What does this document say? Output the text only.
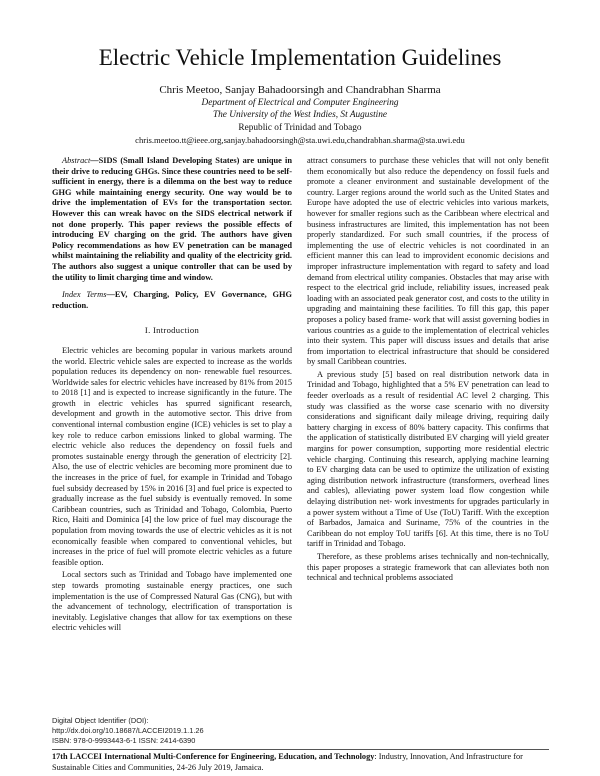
Electric Vehicle Implementation Guidelines
Chris Meetoo, Sanjay Bahadoorsingh and Chandrabhan Sharma
Department of Electrical and Computer Engineering
The University of the West Indies, St Augustine
Republic of Trinidad and Tobago
chris.meetoo.tt@ieee.org,sanjay.bahadoorsingh@sta.uwi.edu,chandrabhan.sharma@sta.uwi.edu

Abstract—SIDS (Small Island Developing States) are unique in their drive to reducing GHGs. Since these countries need to be self-sufficient in energy, there is a dilemma on the best way to reduce GHG while maintaining energy security. One way would be to drive the implementation of EVs for the transportation sector. However this can wreak havoc on the SIDS electrical network if not done properly. This paper reviews the possible effects of introducing EV charging on the grid. The authors have given Policy recommendations as how EV penetration can be managed whilst maintaining the reliability and quality of the electricity grid. The authors also suggest a unique controller that can be used by the utility to limit charging time and window.

Index Terms—EV, Charging, Policy, EV Governance, GHG reduction.

I. Introduction

Electric vehicles are becoming popular in various markets around the world. Electric vehicle sales are expected to increase as the worlds population reduces its dependency on non- renewable fuel resources. Worldwide sales for electric vehicles have increased by 81% from 2015 to 2018 [1] and is expected to increase significantly in the future. The growth in electric vehicles has spurred significant research, development and growth in the automotive sector. This drive from conventional internal combustion engine (ICE) vehicles is set to play a key role to reduce carbon emissions linked to global warming. The electric vehicle also reduces the dependency on fossil fuels and promotes sustainable energy through the generation of electricity [2]. Also, the use of electric vehicles are becoming more prominent due to the increases in the price of fuel, for example in Trinidad and Tobago fuel subsidy decreased by 15% in 2016 [3] and fuel price is expected to gradually increase as the fuel subsidy is eventually removed. In some Caribbean countries, such as Trinidad and Tobago, Colombia, Puerto Rico, Haiti and Dominica [4] the low price of fuel may discourage the population from moving towards the use of electric vehicles as it is not economically feasible when compared to conventional vehicles, but increases in the price of fuel will promote electric vehicles as a future feasible option.

Local sectors such as Trinidad and Tobago have implemented one step towards promoting sustainable energy practices, one such implementation is the use of Compressed Natural Gas (CNG), but with the advancement of technology, electrification of transportation is inevitably. Legislative changes that allow for tax exemptions on these electric vehicles will

attract consumers to purchase these vehicles that will not only benefit them economically but also reduce the dependency on fossil fuels and promote a cleaner environment and sustainable development of the country. Larger regions around the world such as the United States and Europe have adopted the use of electric vehicles into various markets, however for smaller regions such as the Caribbean where electrical and business infrastructures are limited, this implementation has not been properly standardized. For such small countries, if the process of implementing the use of electric vehicles is not coordinated in an efficient manner this can lead to improvident economic decisions and improper infrastructure implementation with regard to safety and load demand from electrical utility companies. Obstacles that may arise with respect to the electrical grid include, reliability issues, increased peak loading with an associated peak generator cost, and costs to the utility in upgrading and maintaining these facilities. To fill this gap, this paper proposes a policy based frame- work that will assist governing bodies in various countries as a guide to the implementation of electrical vehicles into their system. This paper will discuss issues and details that arise from importation to electrical infrastructure that should be considered by small Caribbean countries.

A previous study [5] based on real distribution network data in Trinidad and Tobago, highlighted that a 5% EV penetration can lead to feeder overloads as a result of residential AC level 2 charging. This study was classified as the worse case scenario with no diversity considerations and significant daily mileage driving, requiring daily battery charging in excess of 80% battery capacity. This confirms that the application of statistically distributed EV charging will yield greater margins for power consumption, supporting more residential electric vehicle charging. Continuing this research, applying machine learning to EV charging data can be used to optimize the utilization of existing aging distribution network infrastructure (transformers, overhead lines and cables), alleviating power system load flow congestion while delaying distribution net- work investments for upgrades particularly in a power system without a Time of Use (ToU) Tariff. With the exception of Barbados, Jamaica and Suriname, 75% of the countries in the Caribbean do not employ ToU tariffs [6]. At this time, there is no ToU tariff in Trinidad and Tobago.

Therefore, as these problems arises technically and non-technically, this paper proposes a strategic framework that can alleviates both non technical and technical problems associated

Digital Object Identifier (DOI):
http://dx.doi.org/10.18687/LACCEI2019.1.1.26
ISBN: 978-0-9993443-6-1 ISSN: 2414-6390
17th LACCEI International Multi-Conference for Engineering, Education, and Technology: Industry, Innovation, And Infrastructure for Sustainable Cities and Communities, 24-26 July 2019, Jamaica.
